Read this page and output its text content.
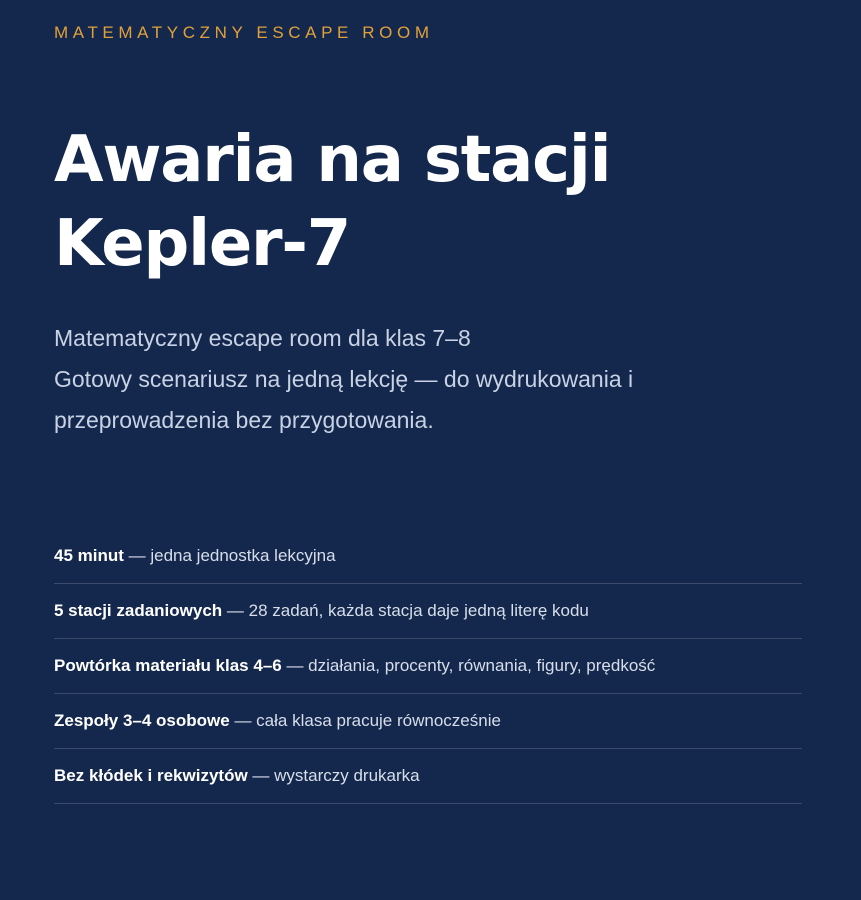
MATEMATYCZNY ESCAPE ROOM
Awaria na stacji
Kepler-7
Matematyczny escape room dla klas 7–8
Gotowy scenariusz na jedną lekcję — do wydrukowania i
przeprowadzenia bez przygotowania.
45 minut — jedna jednostka lekcyjna
5 stacji zadaniowych — 28 zadań, każda stacja daje jedną literę kodu
Powtórka materiału klas 4–6 — działania, procenty, równania, figury, prędkość
Zespoły 3–4 osobowe — cała klasa pracuje równocześnie
Bez kłódek i rekwizytów — wystarczy drukarka
